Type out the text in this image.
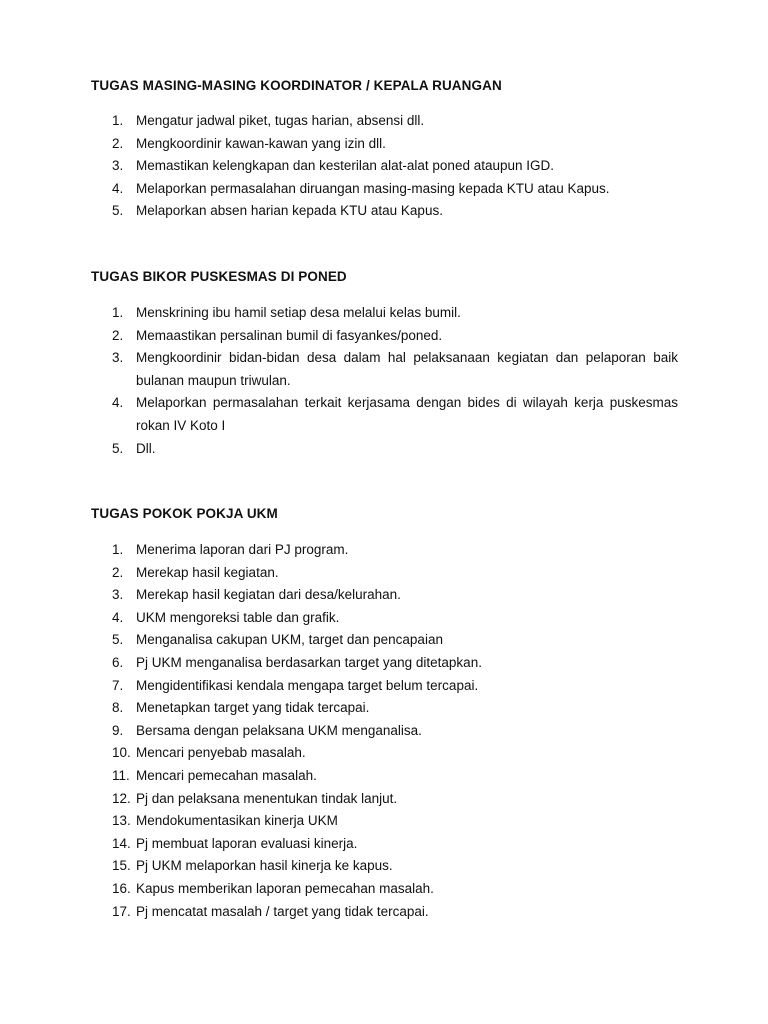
TUGAS MASING-MASING KOORDINATOR / KEPALA RUANGAN
1. Mengatur jadwal piket, tugas harian, absensi dll.
2. Mengkoordinir kawan-kawan yang izin dll.
3. Memastikan kelengkapan dan kesterilan alat-alat poned ataupun IGD.
4. Melaporkan permasalahan diruangan masing-masing kepada KTU atau Kapus.
5. Melaporkan absen harian kepada KTU atau Kapus.
TUGAS BIKOR PUSKESMAS DI PONED
1. Menskrining ibu hamil setiap desa melalui kelas bumil.
2. Memaastikan persalinan bumil di fasyankes/poned.
3. Mengkoordinir bidan-bidan desa dalam hal pelaksanaan kegiatan dan pelaporan baik bulanan maupun triwulan.
4. Melaporkan permasalahan terkait kerjasama dengan bides di wilayah kerja puskesmas rokan IV Koto I
5. Dll.
TUGAS POKOK POKJA UKM
1. Menerima laporan dari PJ program.
2. Merekap hasil kegiatan.
3. Merekap hasil kegiatan dari desa/kelurahan.
4. UKM mengoreksi table dan grafik.
5. Menganalisa cakupan UKM, target dan pencapaian
6. Pj UKM menganalisa berdasarkan target yang ditetapkan.
7. Mengidentifikasi kendala mengapa target belum tercapai.
8. Menetapkan target yang tidak tercapai.
9. Bersama dengan pelaksana UKM menganalisa.
10. Mencari penyebab masalah.
11. Mencari pemecahan masalah.
12. Pj dan pelaksana menentukan tindak lanjut.
13. Mendokumentasikan kinerja UKM
14. Pj membuat laporan evaluasi kinerja.
15. Pj UKM melaporkan hasil kinerja ke kapus.
16. Kapus memberikan laporan pemecahan masalah.
17. Pj mencatat masalah / target yang tidak tercapai.
